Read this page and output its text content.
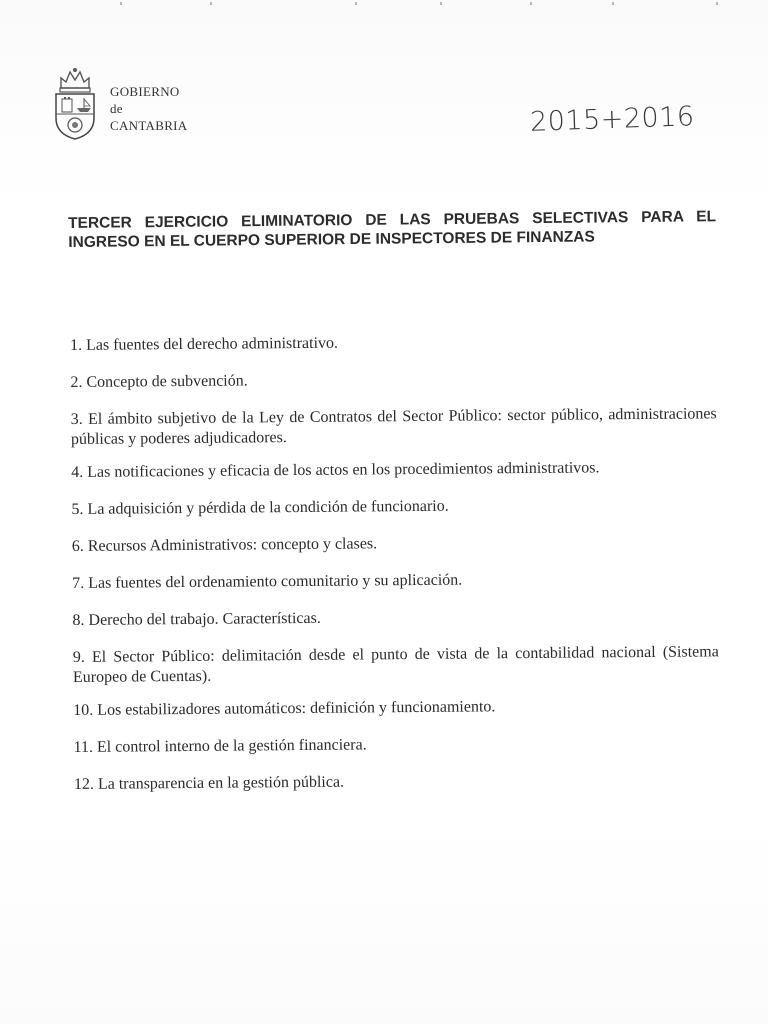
GOBIERNO
de
CANTABRIA	2015+2016
TERCER EJERCICIO ELIMINATORIO DE LAS PRUEBAS SELECTIVAS PARA EL INGRESO EN EL CUERPO SUPERIOR DE INSPECTORES DE FINANZAS

1. Las fuentes del derecho administrativo.

2. Concepto de subvención.

3. El ámbito subjetivo de la Ley de Contratos del Sector Público: sector público, administraciones públicas y poderes adjudicadores.

4. Las notificaciones y eficacia de los actos en los procedimientos administrativos.

5. La adquisición y pérdida de la condición de funcionario.

6. Recursos Administrativos: concepto y clases.

7. Las fuentes del ordenamiento comunitario y su aplicación.

8. Derecho del trabajo. Características.

9. El Sector Público: delimitación desde el punto de vista de la contabilidad nacional (Sistema Europeo de Cuentas).

10. Los estabilizadores automáticos: definición y funcionamiento.

11. El control interno de la gestión financiera.

12. La transparencia en la gestión pública.
